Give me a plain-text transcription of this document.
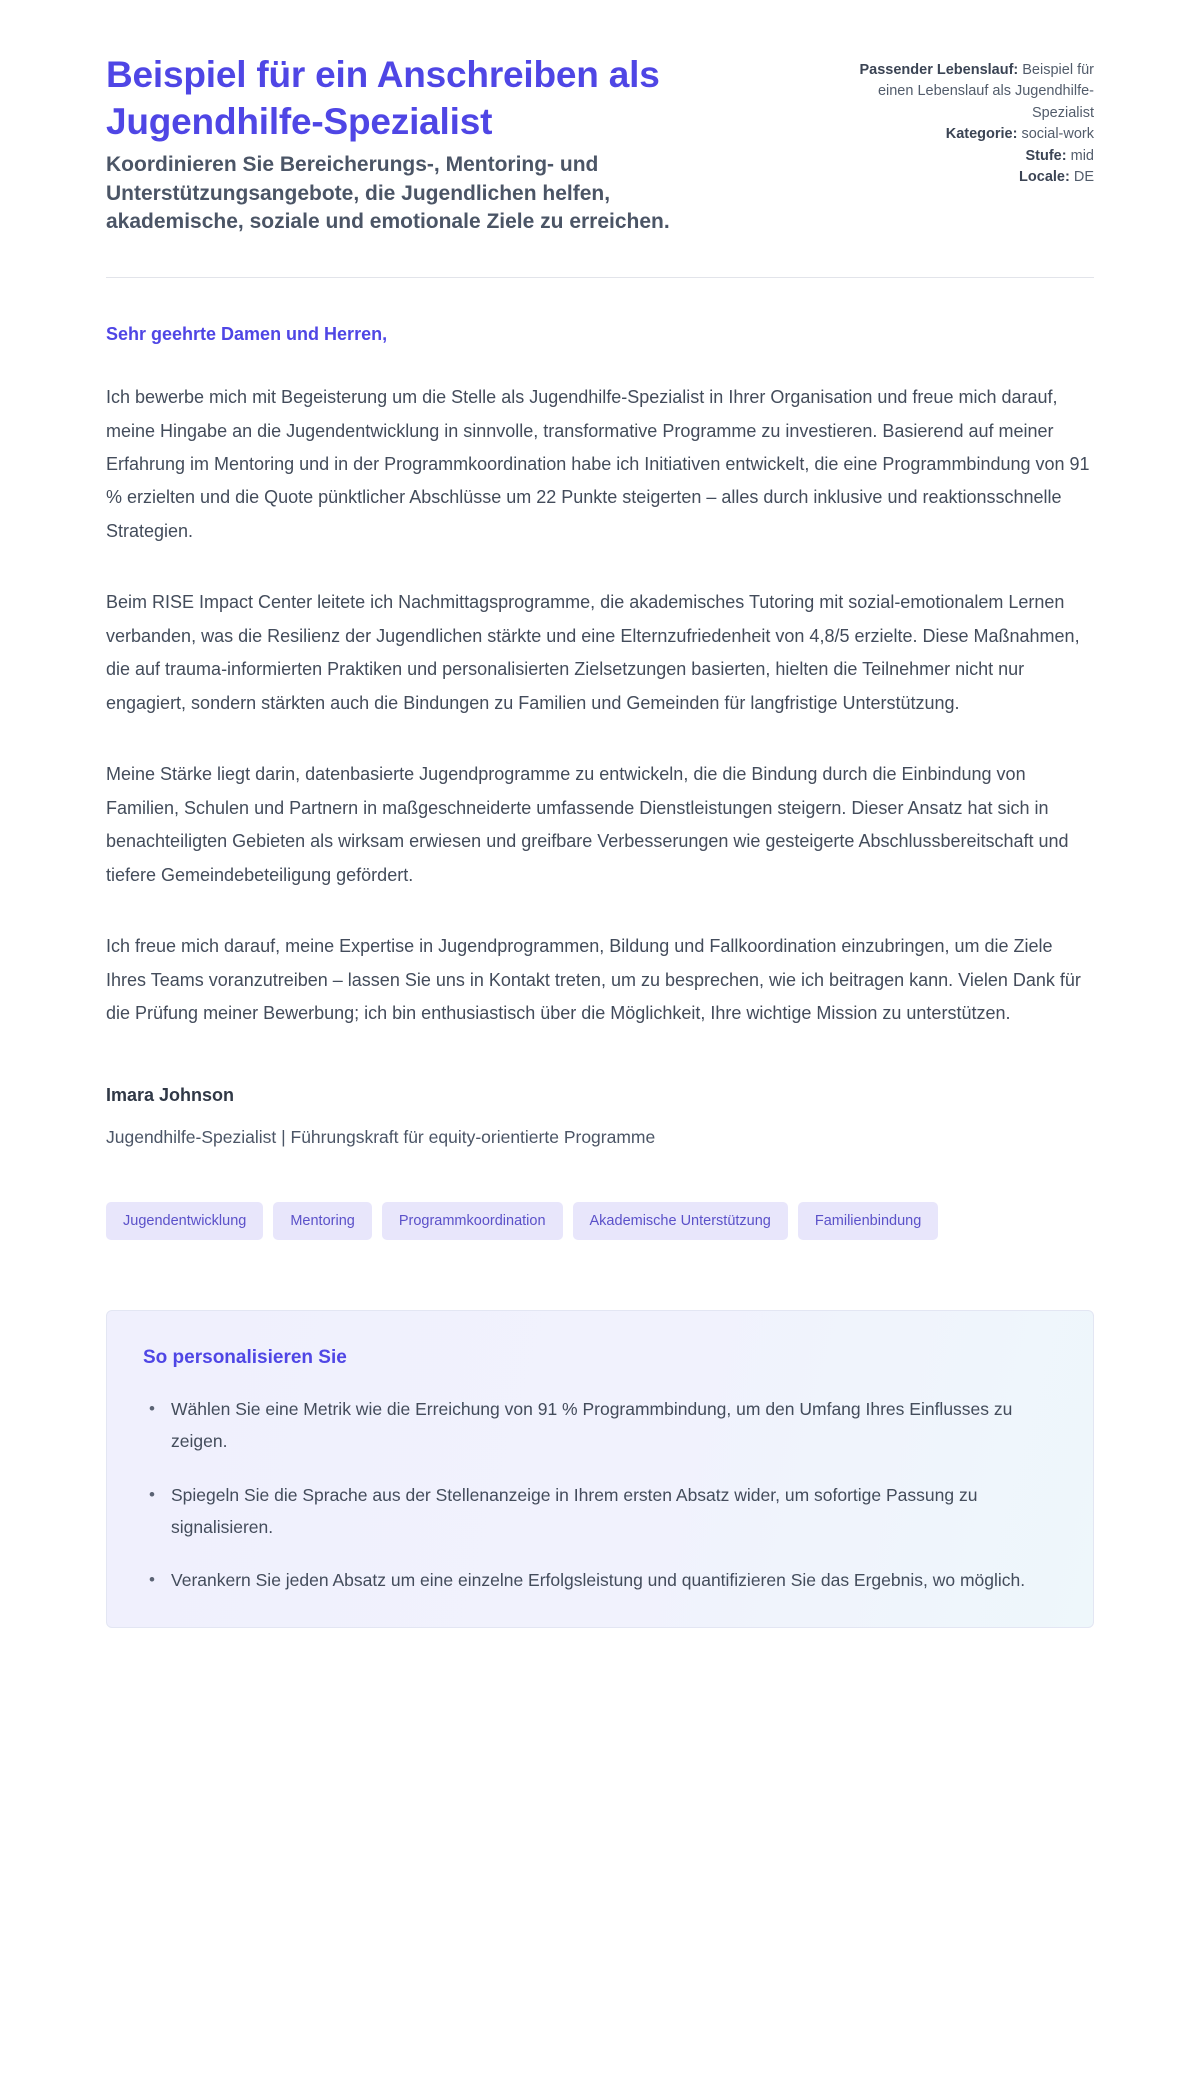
Beispiel für ein Anschreiben als Jugendhilfe-Spezialist

Koordinieren Sie Bereicherungs-, Mentoring- und Unterstützungsangebote, die Jugendlichen helfen, akademische, soziale und emotionale Ziele zu erreichen.

Passender Lebenslauf: Beispiel für einen Lebenslauf als Jugendhilfe-Spezialist
Kategorie: social-work
Stufe: mid
Locale: DE

Sehr geehrte Damen und Herren,

Ich bewerbe mich mit Begeisterung um die Stelle als Jugendhilfe-Spezialist in Ihrer Organisation und freue mich darauf, meine Hingabe an die Jugendentwicklung in sinnvolle, transformative Programme zu investieren. Basierend auf meiner Erfahrung im Mentoring und in der Programmkoordination habe ich Initiativen entwickelt, die eine Programmbindung von 91 % erzielten und die Quote pünktlicher Abschlüsse um 22 Punkte steigerten – alles durch inklusive und reaktionsschnelle Strategien.

Beim RISE Impact Center leitete ich Nachmittagsprogramme, die akademisches Tutoring mit sozial-emotionalem Lernen verbanden, was die Resilienz der Jugendlichen stärkte und eine Elternzufriedenheit von 4,8/5 erzielte. Diese Maßnahmen, die auf trauma-informierten Praktiken und personalisierten Zielsetzungen basierten, hielten die Teilnehmer nicht nur engagiert, sondern stärkten auch die Bindungen zu Familien und Gemeinden für langfristige Unterstützung.

Meine Stärke liegt darin, datenbasierte Jugendprogramme zu entwickeln, die die Bindung durch die Einbindung von Familien, Schulen und Partnern in maßgeschneiderte umfassende Dienstleistungen steigern. Dieser Ansatz hat sich in benachteiligten Gebieten als wirksam erwiesen und greifbare Verbesserungen wie gesteigerte Abschlussbereitschaft und tiefere Gemeindebeteiligung gefördert.

Ich freue mich darauf, meine Expertise in Jugendprogrammen, Bildung und Fallkoordination einzubringen, um die Ziele Ihres Teams voranzutreiben – lassen Sie uns in Kontakt treten, um zu besprechen, wie ich beitragen kann. Vielen Dank für die Prüfung meiner Bewerbung; ich bin enthusiastisch über die Möglichkeit, Ihre wichtige Mission zu unterstützen.

Imara Johnson

Jugendhilfe-Spezialist | Führungskraft für equity-orientierte Programme

Jugendentwicklung	Mentoring	Programmkoordination	Akademische Unterstützung	Familienbindung

So personalisieren Sie

• Wählen Sie eine Metrik wie die Erreichung von 91 % Programmbindung, um den Umfang Ihres Einflusses zu zeigen.
• Spiegeln Sie die Sprache aus der Stellenanzeige in Ihrem ersten Absatz wider, um sofortige Passung zu signalisieren.
• Verankern Sie jeden Absatz um eine einzelne Erfolgsleistung und quantifizieren Sie das Ergebnis, wo möglich.
